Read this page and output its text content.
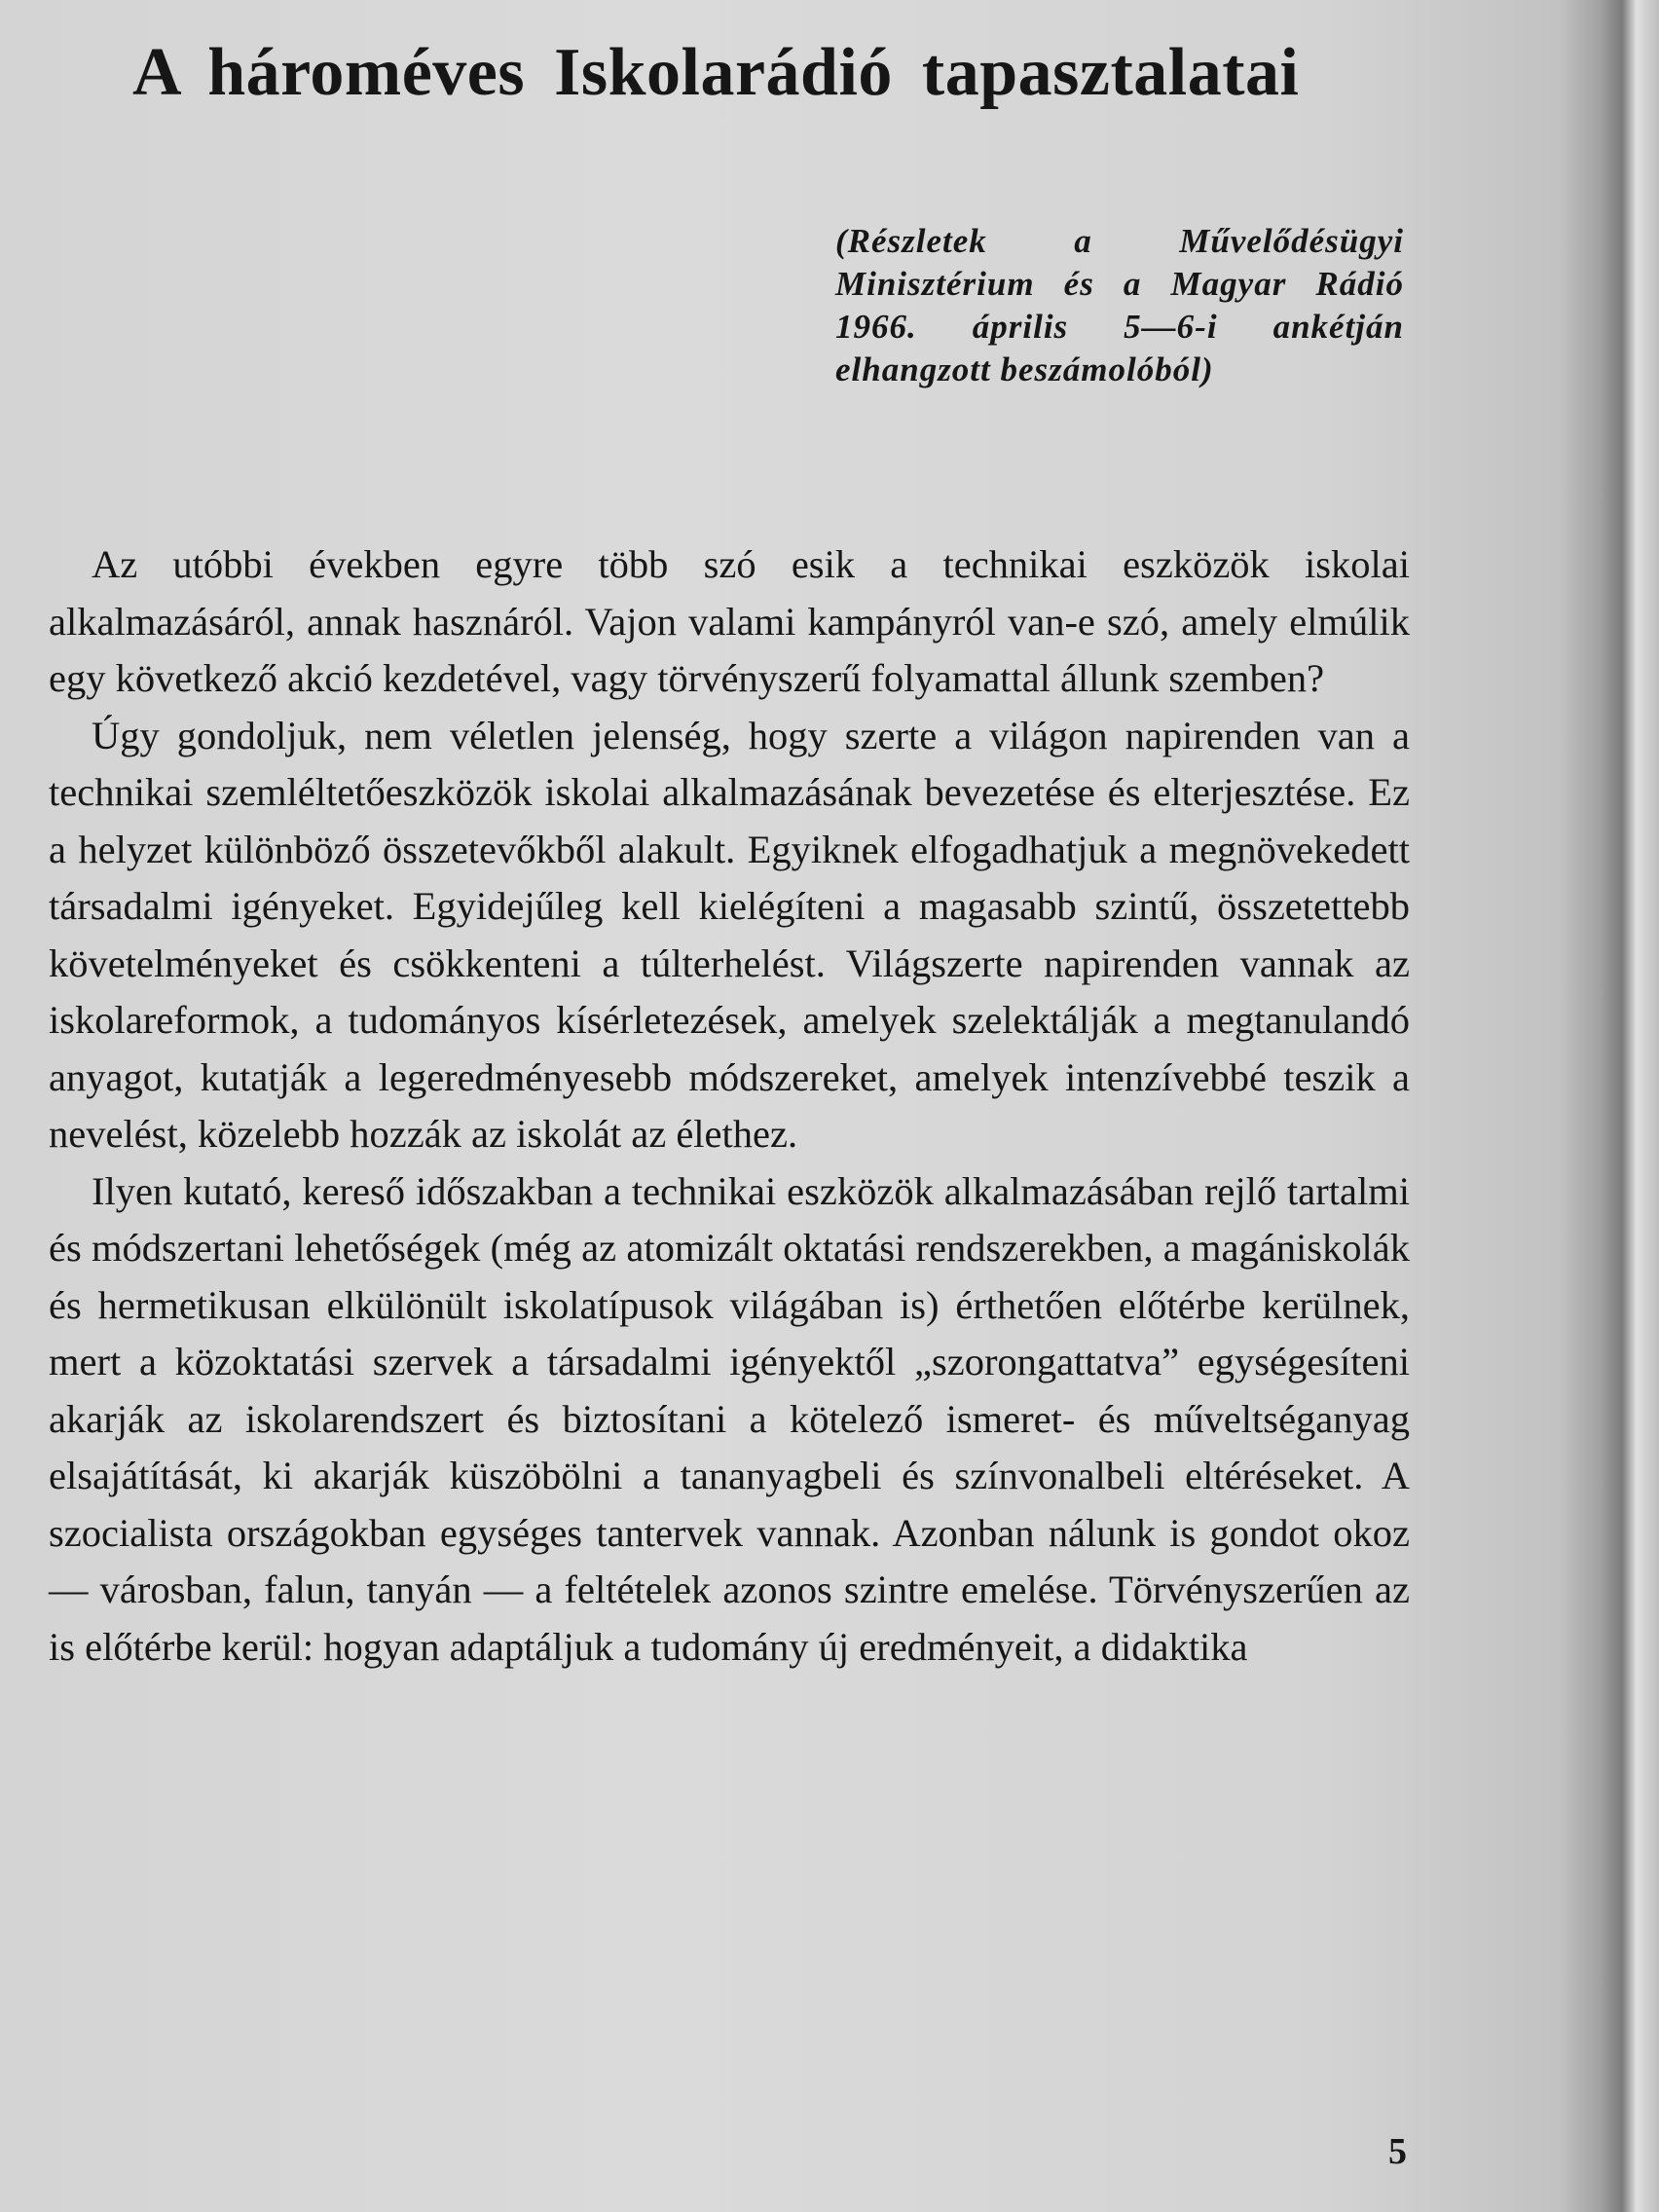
A hároméves Iskolarádió tapasztalatai

(Részletek a Művelődésügyi Minisztérium és a Magyar Rádió 1966. április 5—6-i ankétján elhangzott beszámolóból)

Az utóbbi években egyre több szó esik a technikai eszközök iskolai alkalmazásáról, annak hasznáról. Vajon valami kampányról van-e szó, amely elmúlik egy következő akció kezdetével, vagy törvényszerű folyamattal állunk szemben?

Úgy gondoljuk, nem véletlen jelenség, hogy szerte a világon napirenden van a technikai szemléltetőeszközök iskolai alkalmazásának bevezetése és elterjesztése. Ez a helyzet különböző összetevőkből alakult. Egyiknek elfogadhatjuk a megnövekedett társadalmi igényeket. Egyidejűleg kell kielégíteni a magasabb szintű, összetettebb követelményeket és csökkenteni a túlterhelést. Világszerte napirenden vannak az iskolareformok, a tudományos kísérletezések, amelyek szelektálják a megtanulandó anyagot, kutatják a legeredményesebb módszereket, amelyek intenzívebbé teszik a nevelést, közelebb hozzák az iskolát az élethez.

Ilyen kutató, kereső időszakban a technikai eszközök alkalmazásában rejlő tartalmi és módszertani lehetőségek (még az atomizált oktatási rendszerekben, a magániskolák és hermetikusan elkülönült iskolatípusok világában is) érthetően előtérbe kerülnek, mert a közoktatási szervek a társadalmi igényektől „szorongattatva” egységesíteni akarják az iskolarendszert és biztosítani a kötelező ismeret- és műveltséganyag elsajátítását, ki akarják küszöbölni a tananyagbeli és színvonalbeli eltéréseket. A szocialista országokban egységes tantervek vannak. Azonban nálunk is gondot okoz — városban, falun, tanyán — a feltételek azonos szintre emelése. Törvényszerűen az is előtérbe kerül: hogyan adaptáljuk a tudomány új eredményeit, a didaktika

5
